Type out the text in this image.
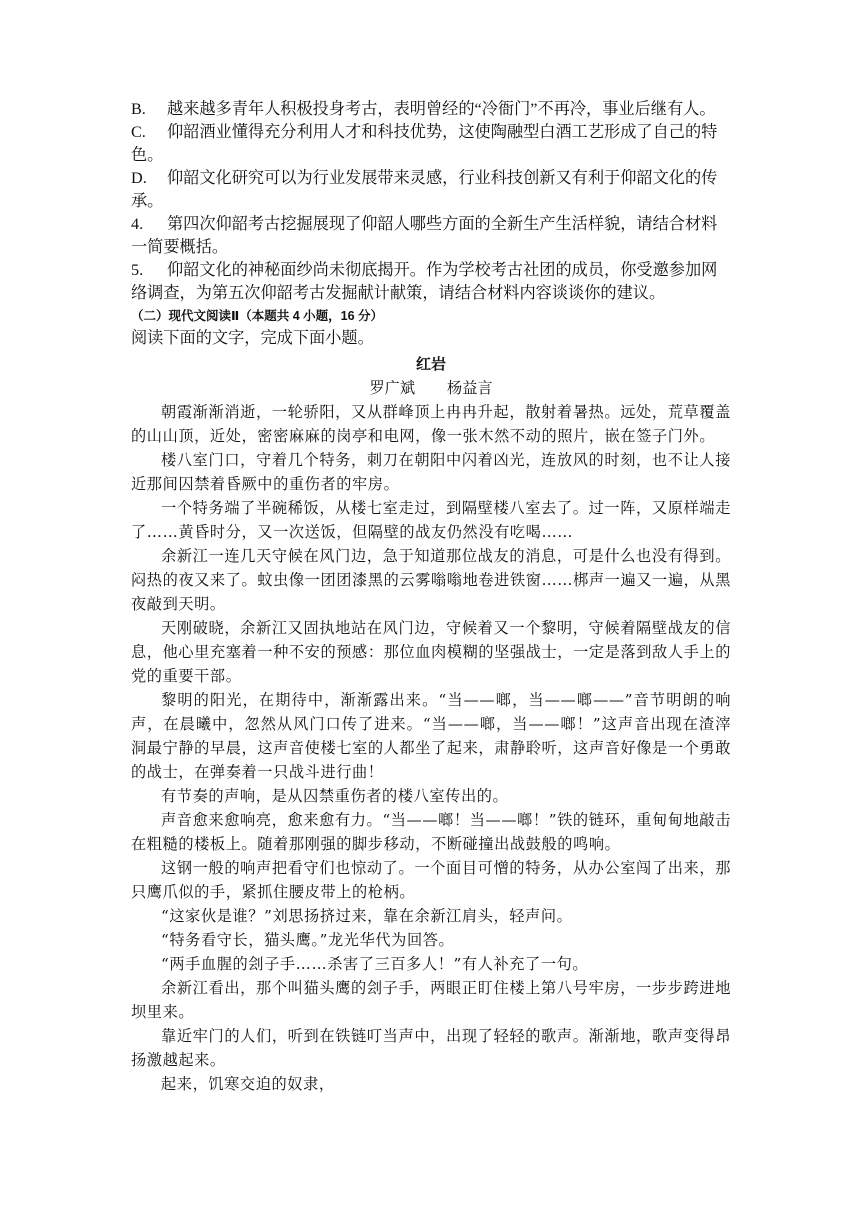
B. 越来越多青年人积极投身考古，表明曾经的“冷衙门”不再冷，事业后继有人。

C. 仰韶酒业懂得充分利用人才和科技优势，这使陶融型白酒工艺形成了自己的特色。

D. 仰韶文化研究可以为行业发展带来灵感，行业科技创新又有利于仰韶文化的传承。

4. 第四次仰韶考古挖掘展现了仰韶人哪些方面的全新生产生活样貌，请结合材料一简要概括。

5. 仰韶文化的神秘面纱尚未彻底揭开。作为学校考古社团的成员，你受邀参加网络调查，为第五次仰韶考古发掘献计献策，请结合材料内容谈谈你的建议。

（二）现代文阅读Ⅱ（本题共 4 小题，16 分）

阅读下面的文字，完成下面小题。

红岩

罗广斌 杨益言

朝霞渐渐消逝，一轮骄阳，又从群峰顶上冉冉升起，散射着暑热。远处，荒草覆盖的山山顶，近处，密密麻麻的岗亭和电网，像一张木然不动的照片，嵌在签子门外。

楼八室门口，守着几个特务，刺刀在朝阳中闪着凶光，连放风的时刻，也不让人接近那间囚禁着昏厥中的重伤者的牢房。

一个特务端了半碗稀饭，从楼七室走过，到隔壁楼八室去了。过一阵，又原样端走了……黄昏时分，又一次送饭，但隔壁的战友仍然没有吃喝……

余新江一连几天守候在风门边，急于知道那位战友的消息，可是什么也没有得到。闷热的夜又来了。蚊虫像一团团漆黑的云雾嗡嗡地卷进铁窗……梆声一遍又一遍，从黑夜敲到天明。

天刚破晓，余新江又固执地站在风门边，守候着又一个黎明，守候着隔壁战友的信息，他心里充塞着一种不安的预感：那位血肉模糊的坚强战士，一定是落到敌人手上的党的重要干部。

黎明的阳光，在期待中，渐渐露出来。“当——啷，当——啷——”音节明朗的响声，在晨曦中，忽然从风门口传了进来。“当——啷，当——啷！”这声音出现在渣滓洞最宁静的早晨，这声音使楼七室的人都坐了起来，肃静聆听，这声音好像是一个勇敢的战士，在弹奏着一只战斗进行曲！

有节奏的声响，是从囚禁重伤者的楼八室传出的。

声音愈来愈响亮，愈来愈有力。“当——啷！当——啷！”铁的链环，重甸甸地敲击在粗糙的楼板上。随着那刚强的脚步移动，不断碰撞出战鼓般的鸣响。

这钢一般的响声把看守们也惊动了。一个面目可憎的特务，从办公室闯了出来，那只鹰爪似的手，紧抓住腰皮带上的枪柄。

“这家伙是谁？”刘思扬挤过来，靠在余新江肩头，轻声问。

“特务看守长，猫头鹰。”龙光华代为回答。

“两手血腥的刽子手……杀害了三百多人！”有人补充了一句。

余新江看出，那个叫猫头鹰的刽子手，两眼正盯住楼上第八号牢房，一步步跨进地坝里来。

靠近牢门的人们，听到在铁链叮当声中，出现了轻轻的歌声。渐渐地，歌声变得昂扬激越起来。

起来，饥寒交迫的奴隶，
